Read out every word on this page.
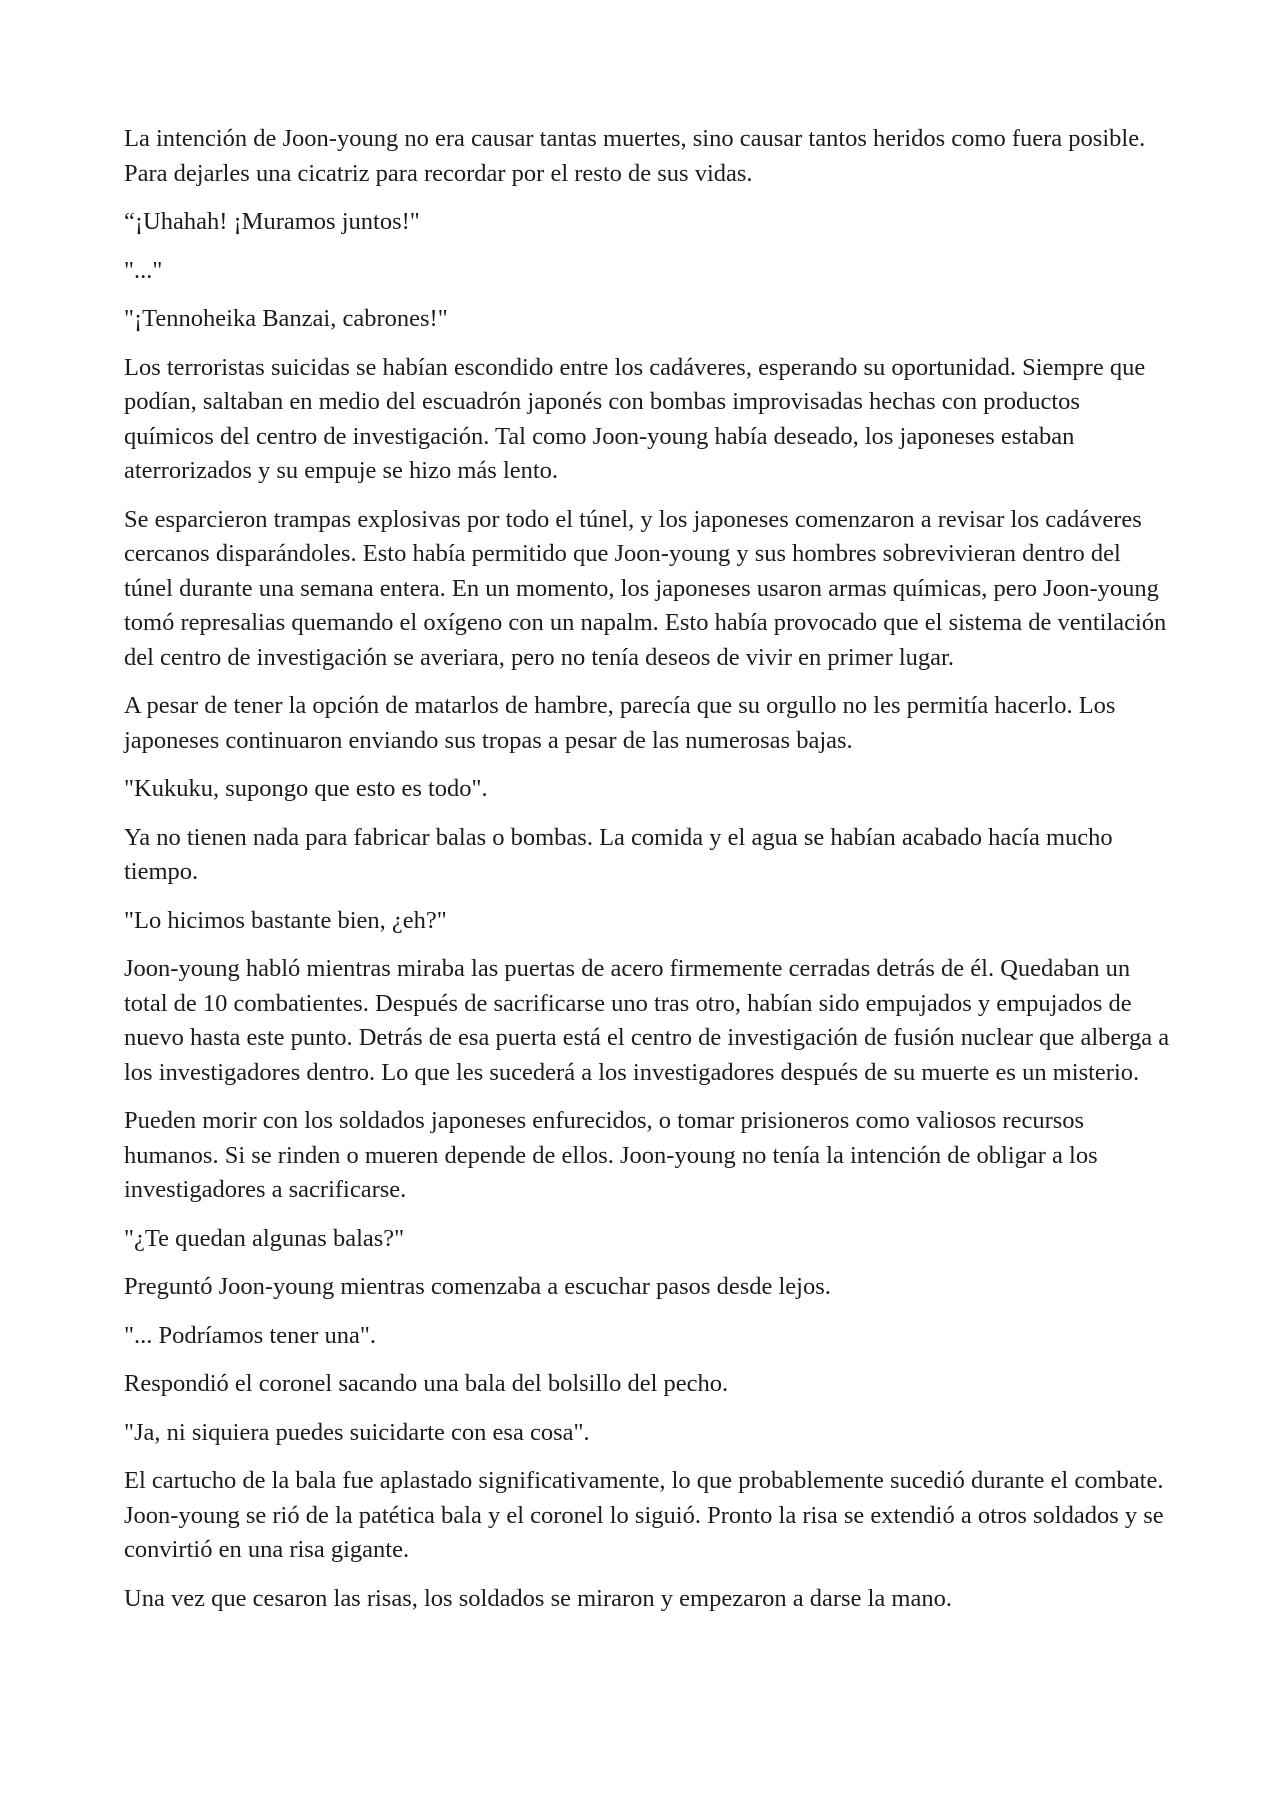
La intención de Joon-young no era causar tantas muertes, sino causar tantos heridos como fuera posible. Para dejarles una cicatriz para recordar por el resto de sus vidas.

“¡Uhahah! ¡Muramos juntos!"

"..."

"¡Tennoheika Banzai, cabrones!"

Los terroristas suicidas se habían escondido entre los cadáveres, esperando su oportunidad. Siempre que podían, saltaban en medio del escuadrón japonés con bombas improvisadas hechas con productos químicos del centro de investigación. Tal como Joon-young había deseado, los japoneses estaban aterrorizados y su empuje se hizo más lento.

Se esparcieron trampas explosivas por todo el túnel, y los japoneses comenzaron a revisar los cadáveres cercanos disparándoles. Esto había permitido que Joon-young y sus hombres sobrevivieran dentro del túnel durante una semana entera. En un momento, los japoneses usaron armas químicas, pero Joon-young tomó represalias quemando el oxígeno con un napalm. Esto había provocado que el sistema de ventilación del centro de investigación se averiara, pero no tenía deseos de vivir en primer lugar.

A pesar de tener la opción de matarlos de hambre, parecía que su orgullo no les permitía hacerlo. Los japoneses continuaron enviando sus tropas a pesar de las numerosas bajas.

"Kukuku, supongo que esto es todo".

Ya no tienen nada para fabricar balas o bombas. La comida y el agua se habían acabado hacía mucho tiempo.

"Lo hicimos bastante bien, ¿eh?"

Joon-young habló mientras miraba las puertas de acero firmemente cerradas detrás de él. Quedaban un total de 10 combatientes. Después de sacrificarse uno tras otro, habían sido empujados y empujados de nuevo hasta este punto. Detrás de esa puerta está el centro de investigación de fusión nuclear que alberga a los investigadores dentro. Lo que les sucederá a los investigadores después de su muerte es un misterio.

Pueden morir con los soldados japoneses enfurecidos, o tomar prisioneros como valiosos recursos humanos. Si se rinden o mueren depende de ellos. Joon-young no tenía la intención de obligar a los investigadores a sacrificarse.

"¿Te quedan algunas balas?"

Preguntó Joon-young mientras comenzaba a escuchar pasos desde lejos.

"... Podríamos tener una".

Respondió el coronel sacando una bala del bolsillo del pecho.

"Ja, ni siquiera puedes suicidarte con esa cosa".

El cartucho de la bala fue aplastado significativamente, lo que probablemente sucedió durante el combate. Joon-young se rió de la patética bala y el coronel lo siguió. Pronto la risa se extendió a otros soldados y se convirtió en una risa gigante.

Una vez que cesaron las risas, los soldados se miraron y empezaron a darse la mano.
